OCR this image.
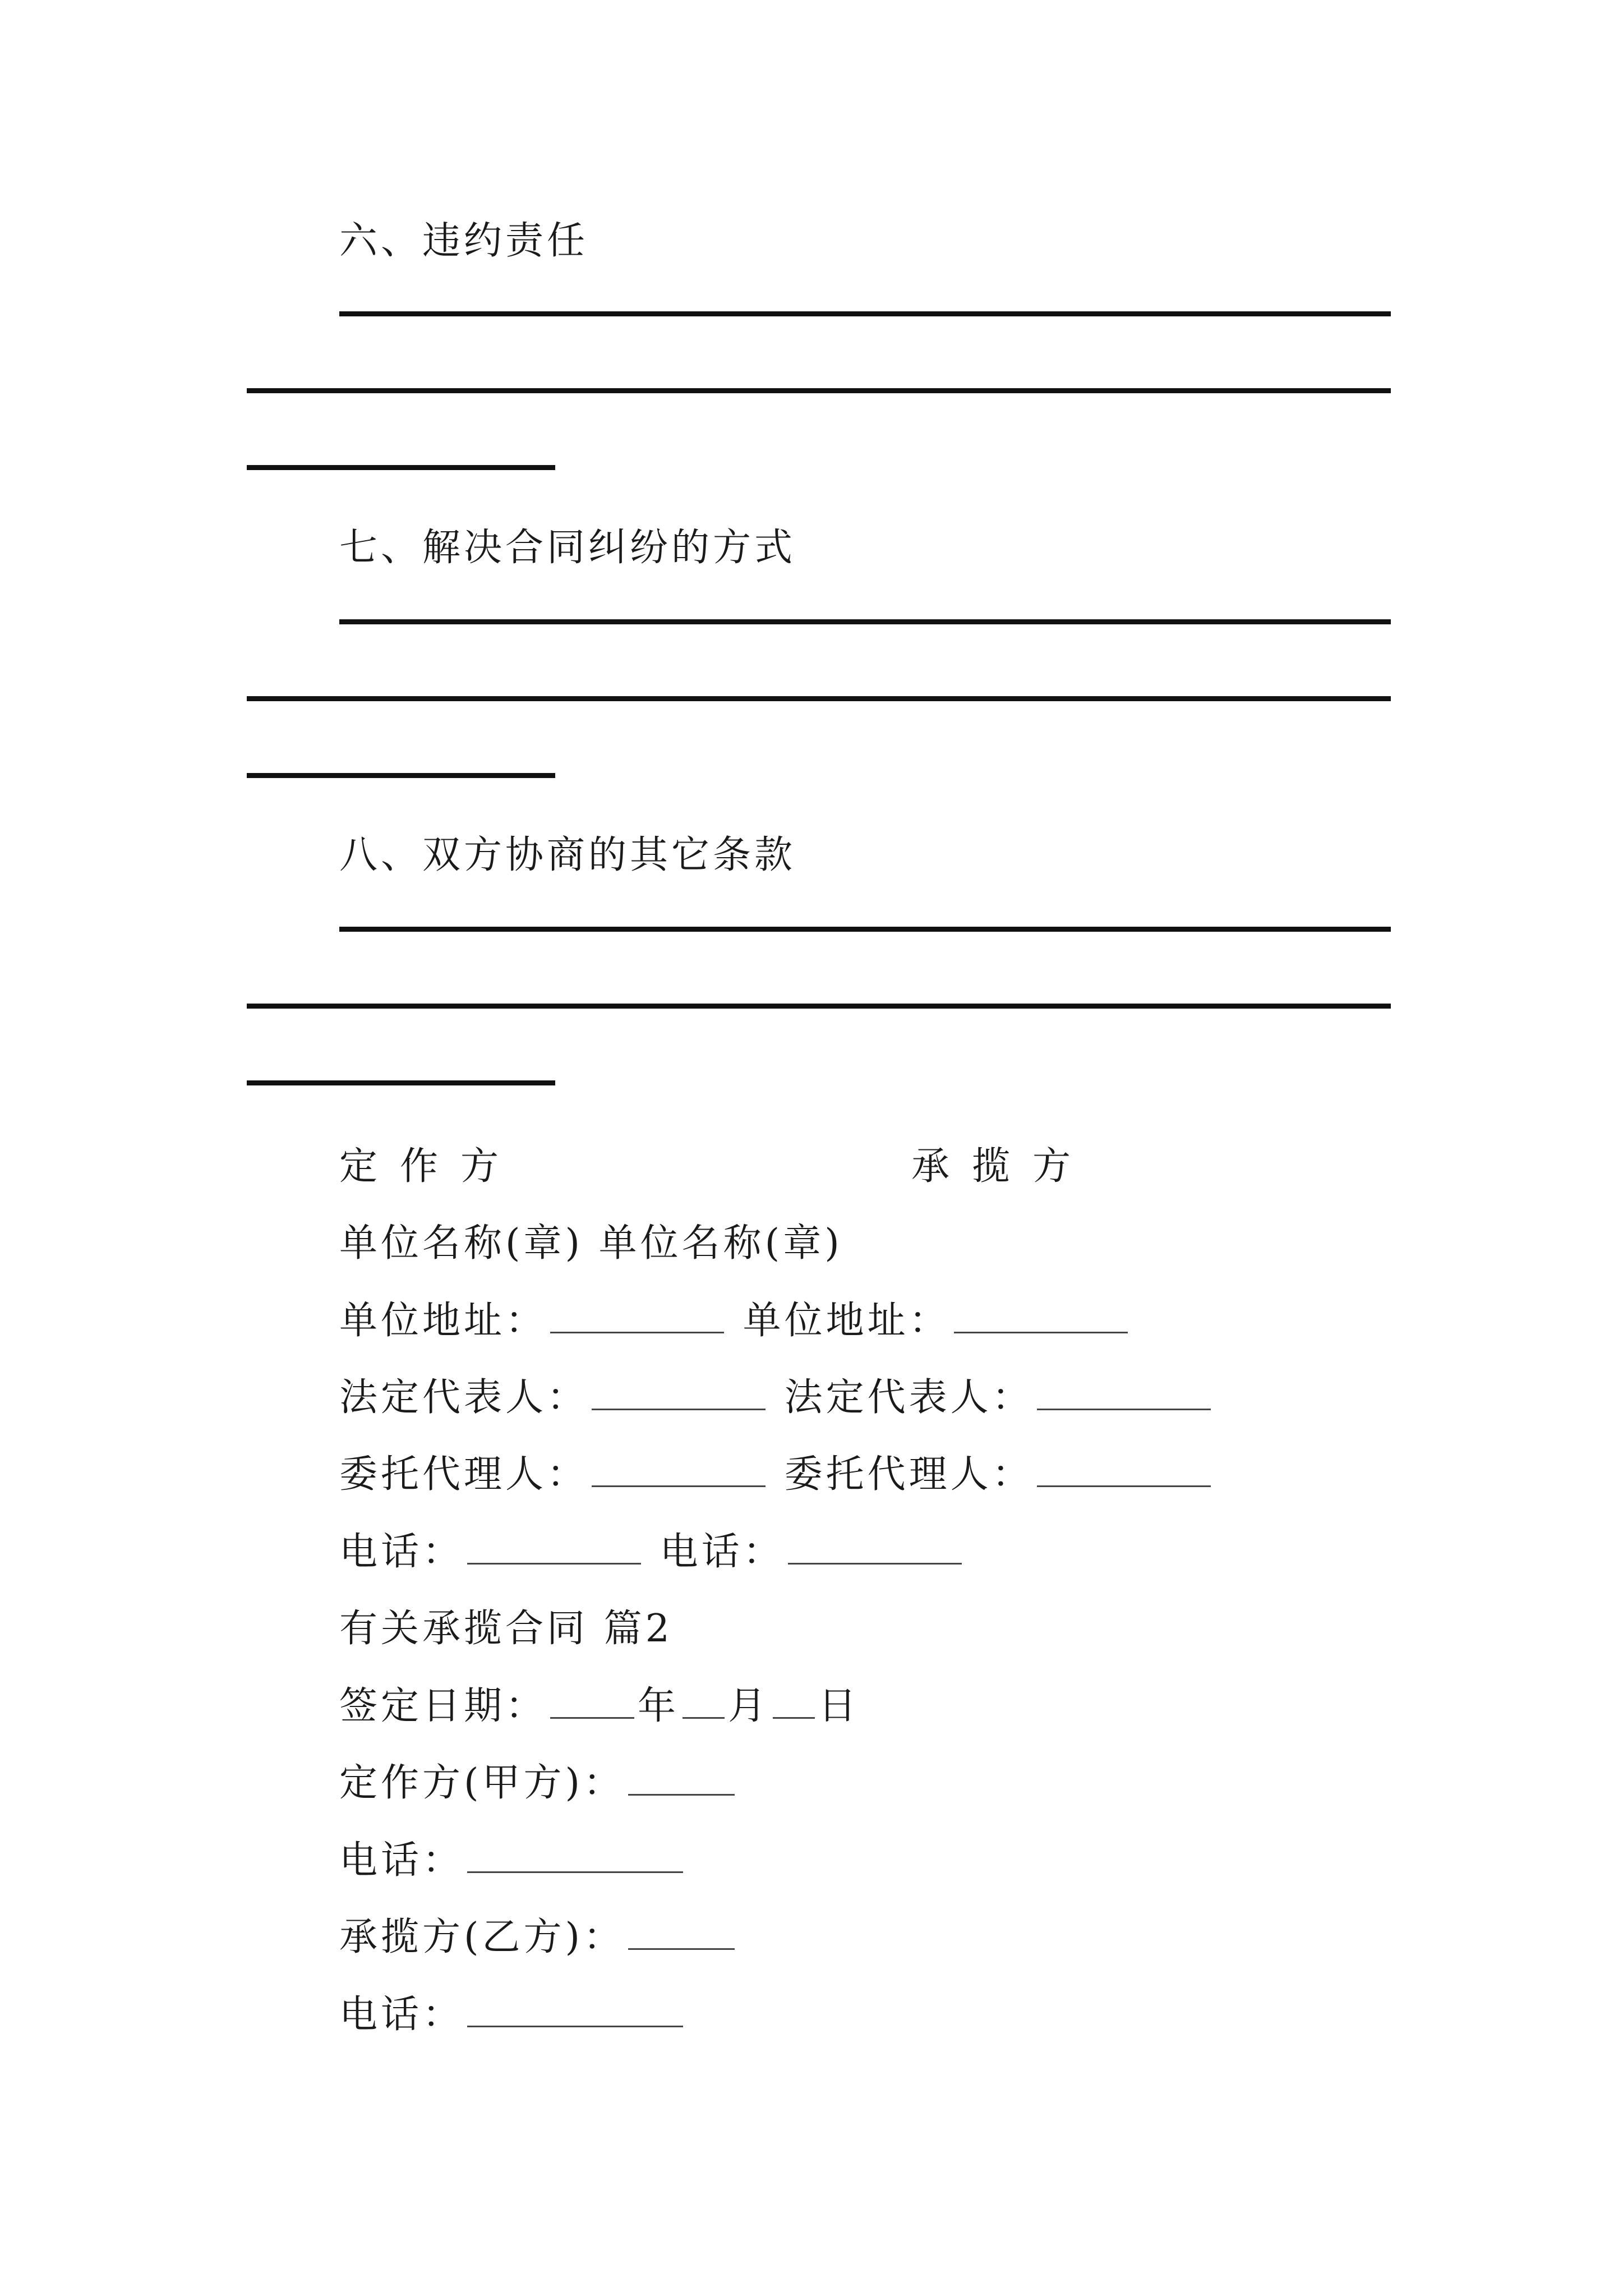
六、违约责任
七、解决合同纠纷的方式
八、双方协商的其它条款
定作方	承揽方
单位名称(章) 单位名称(章)
单位地址：	单位地址：
法定代表人：	法定代表人：
委托代理人：	委托代理人：
电话：	电话：
有关承揽合同 篇2
签定日期： 年 月 日
定作方(甲方)：
电话：
承揽方(乙方)：
电话：
